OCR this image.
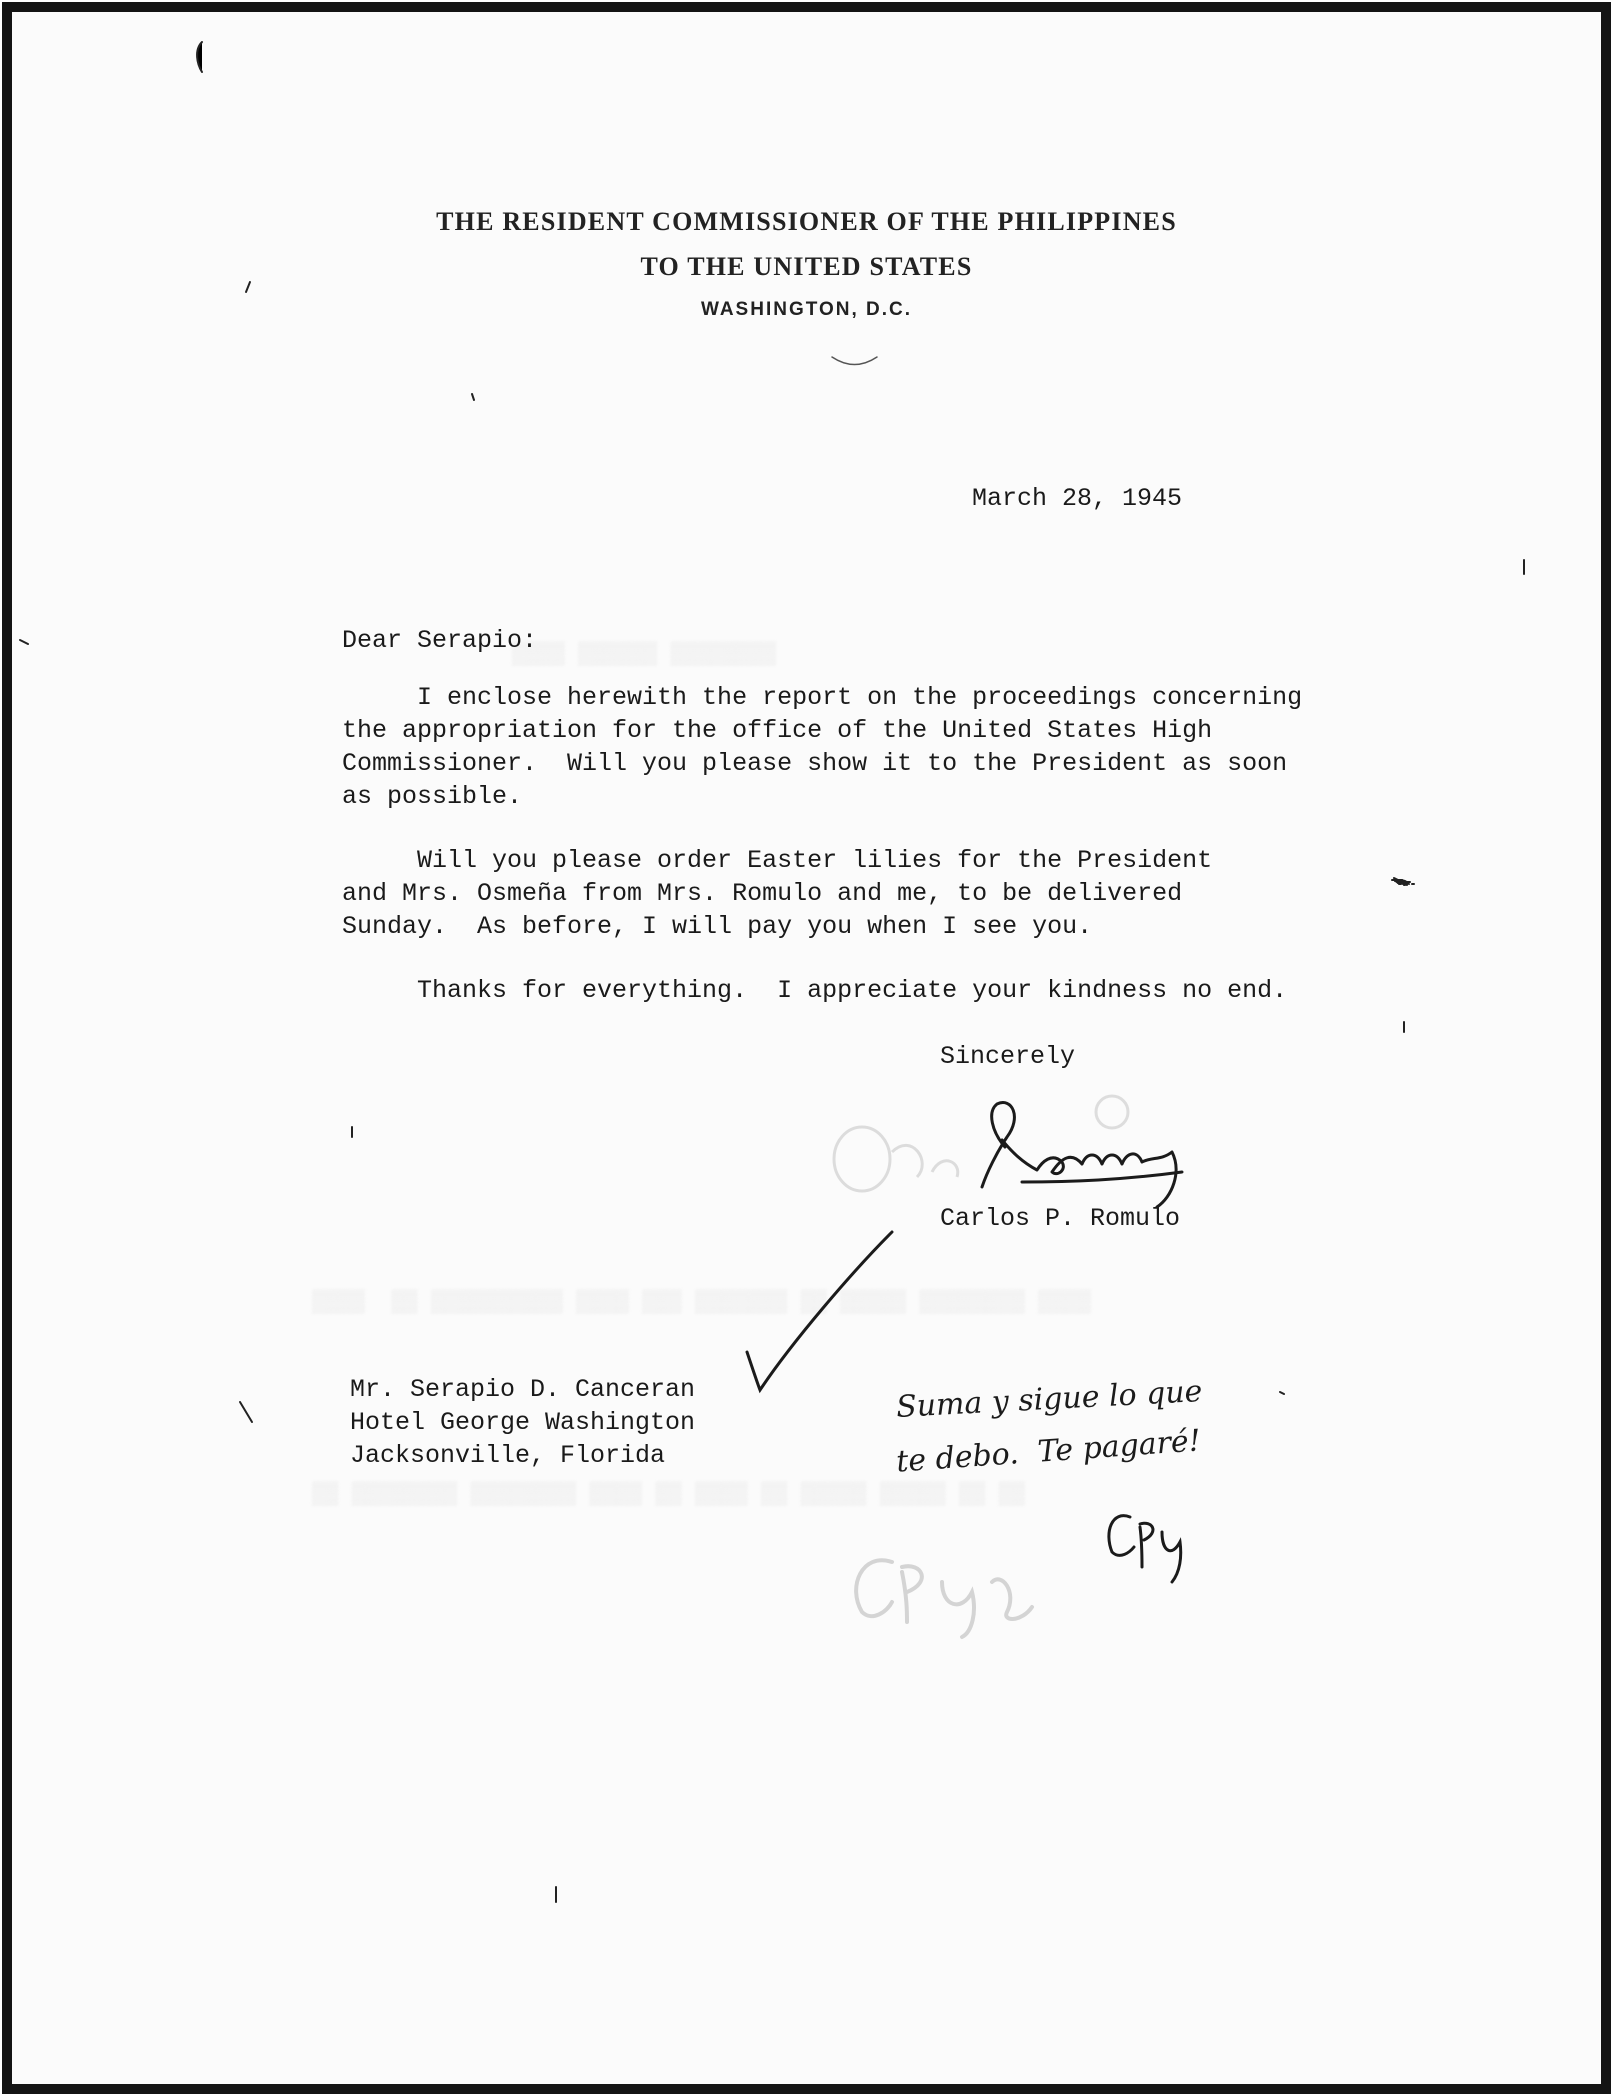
THE RESIDENT COMMISSIONER OF THE PHILIPPINES
TO THE UNITED STATES
WASHINGTON, D.C.
▒▒▒▒ ▒▒▒▒▒▒ ▒▒▒▒▒▒▒▒
▒▒▒▒  ▒▒ ▒▒▒▒▒▒▒▒▒▒ ▒▒▒▒ ▒▒▒ ▒▒▒▒▒▒▒ ▒▒ ▒▒▒▒▒ ▒▒▒▒▒▒▒▒ ▒▒▒▒
▒▒ ▒▒▒▒▒▒▒▒ ▒▒▒▒▒▒▒▒ ▒▒▒▒ ▒▒ ▒▒▒▒ ▒▒ ▒▒▒▒▒ ▒▒▒▒▒ ▒▒ ▒▒
March 28, 1945
Dear Serapio:
I enclose herewith the report on the proceedings concerning
the appropriation for the office of the United States High
Commissioner.  Will you please show it to the President as soon
as possible.
Will you please order Easter lilies for the President
and Mrs. Osmeña from Mrs. Romulo and me, to be delivered
Sunday.  As before, I will pay you when I see you.
Thanks for everything.  I appreciate your kindness no end.
Sincerely
Carlos P. Romulo
Mr. Serapio D. Canceran
Hotel George Washington
Jacksonville, Florida
Suma y sigue lo que
te debo.  Te pagaré!
